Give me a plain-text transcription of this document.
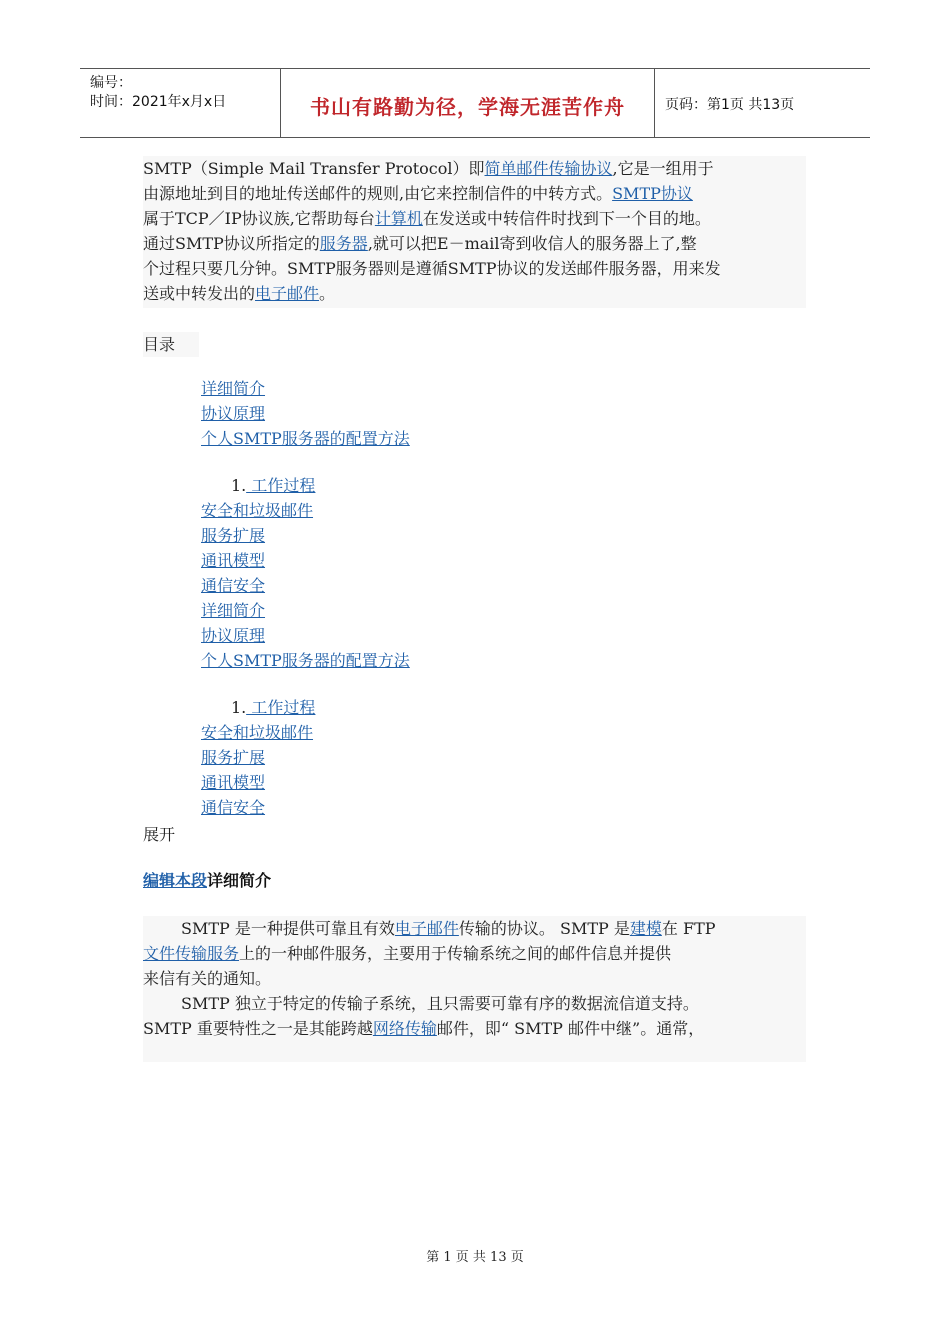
编号：
时间：2021年x月x日	书山有路勤为径，学海无涯苦作舟	页码：第1页 共13页

SMTP（Simple Mail Transfer Protocol）即简单邮件传输协议,它是一组用于

由源地址到目的地址传送邮件的规则,由它来控制信件的中转方式。SMTP协议

属于TCP／IP协议族,它帮助每台计算机在发送或中转信件时找到下一个目的地。

通过SMTP协议所指定的服务器,就可以把E－mail寄到收信人的服务器上了,整

个过程只要几分钟。SMTP服务器则是遵循SMTP协议的发送邮件服务器，用来发

送或中转发出的电子邮件。

目录
详细简介
协议原理
个人SMTP服务器的配置方法
1. 工作过程
安全和垃圾邮件
服务扩展
通讯模型
通信安全
详细简介
协议原理
个人SMTP服务器的配置方法
1. 工作过程
安全和垃圾邮件
服务扩展
通讯模型
通信安全
展开
编辑本段详细简介

SMTP 是一种提供可靠且有效电子邮件传输的协议。 SMTP 是建模在 FTP

文件传输服务上的一种邮件服务，主要用于传输系统之间的邮件信息并提供

来信有关的通知。

SMTP 独立于特定的传输子系统，且只需要可靠有序的数据流信道支持。

SMTP 重要特性之一是其能跨越网络传输邮件，即“ SMTP 邮件中继”。通常，

第 1 页 共 13 页
